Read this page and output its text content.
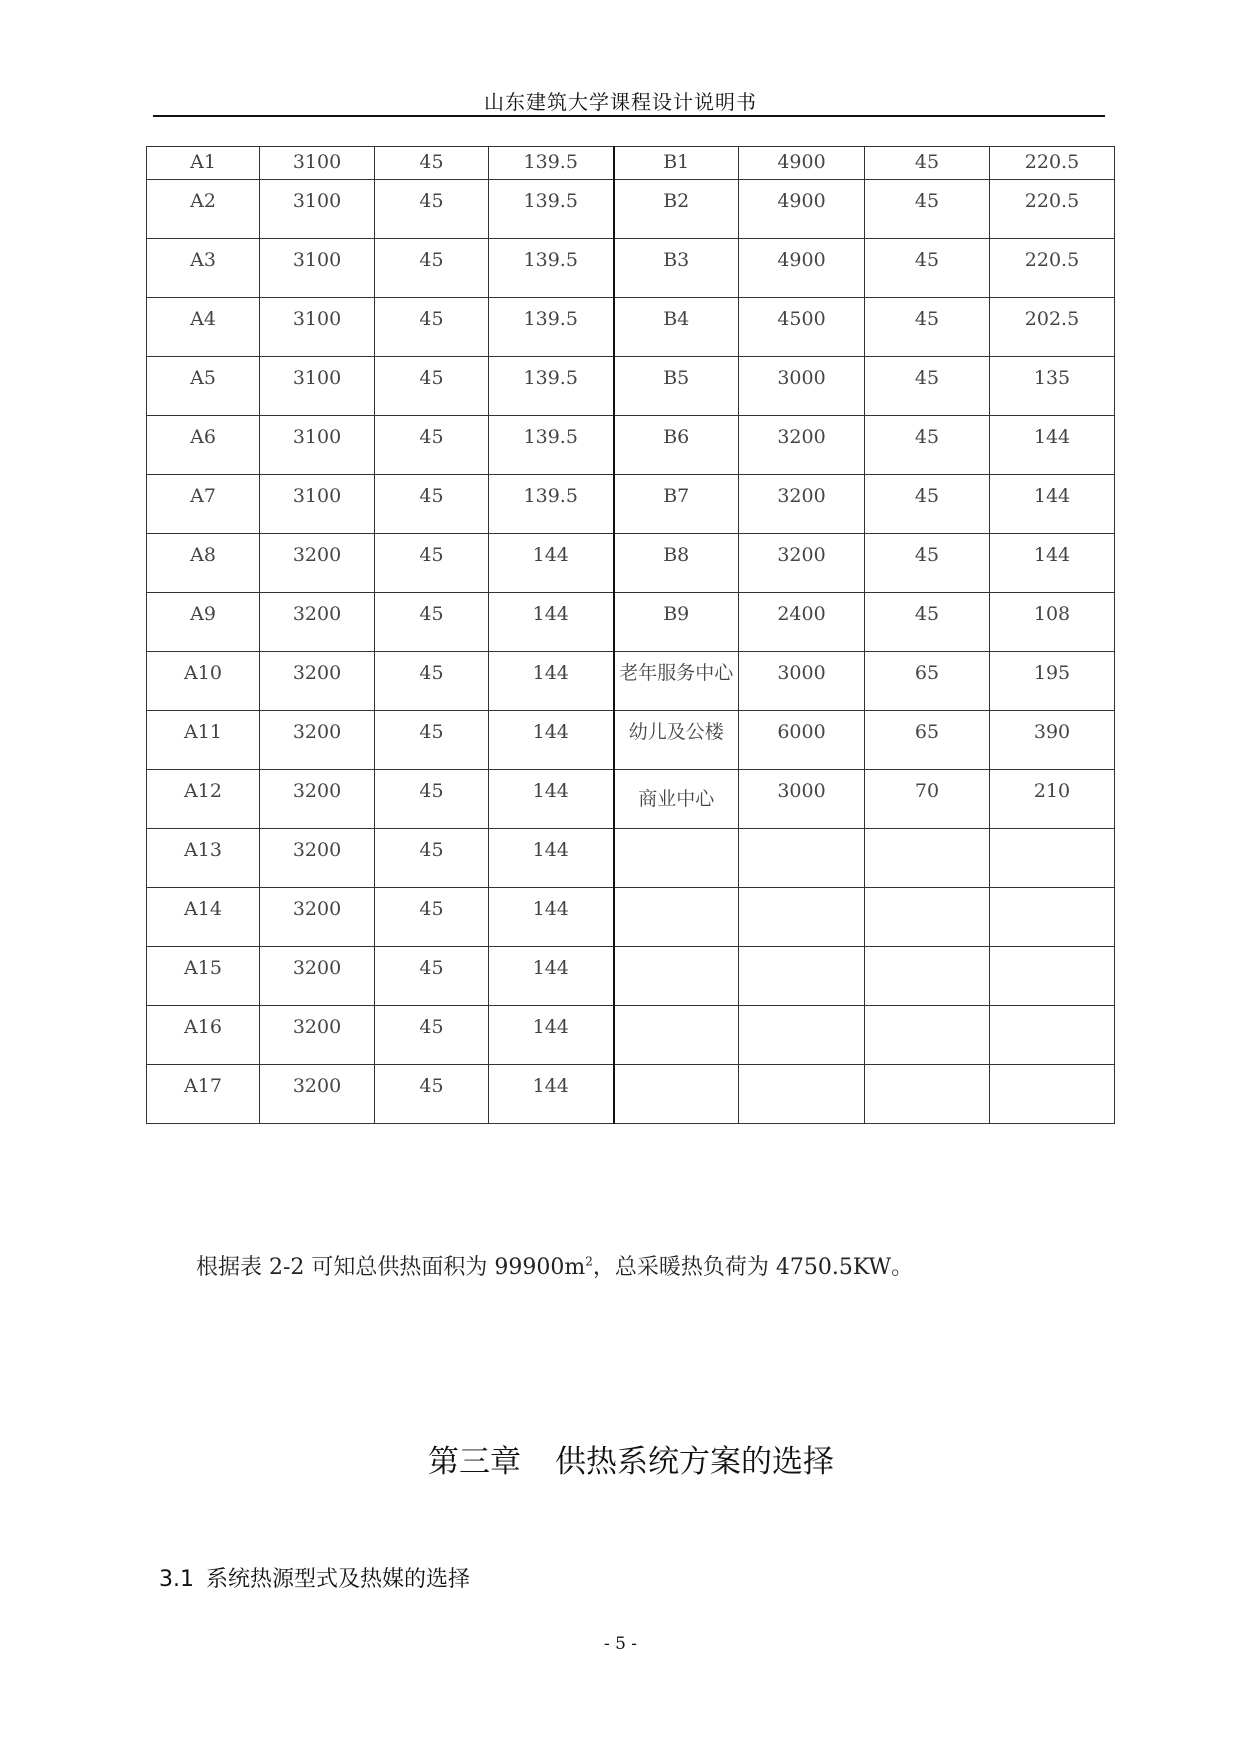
山东建筑大学课程设计说明书
A1	3100	45	139.5	B1	4900	45	220.5
A2	3100	45	139.5	B2	4900	45	220.5
A3	3100	45	139.5	B3	4900	45	220.5
A4	3100	45	139.5	B4	4500	45	202.5
A5	3100	45	139.5	B5	3000	45	135
A6	3100	45	139.5	B6	3200	45	144
A7	3100	45	139.5	B7	3200	45	144
A8	3200	45	144	B8	3200	45	144
A9	3200	45	144	B9	2400	45	108
A10	3200	45	144	老年服务中心	3000	65	195
A11	3200	45	144	幼儿及公楼	6000	65	390
A12	3200	45	144	商业中心	3000	70	210
A13	3200	45	144				
A14	3200	45	144				
A15	3200	45	144				
A16	3200	45	144				
A17	3200	45	144				
根据表 2-2 可知总供热面积为 $99900m^2$，总采暖热负荷为 4750.5KW。
第三章 供热系统方案的选择
3.1 系统热源型式及热媒的选择
- 5 -
